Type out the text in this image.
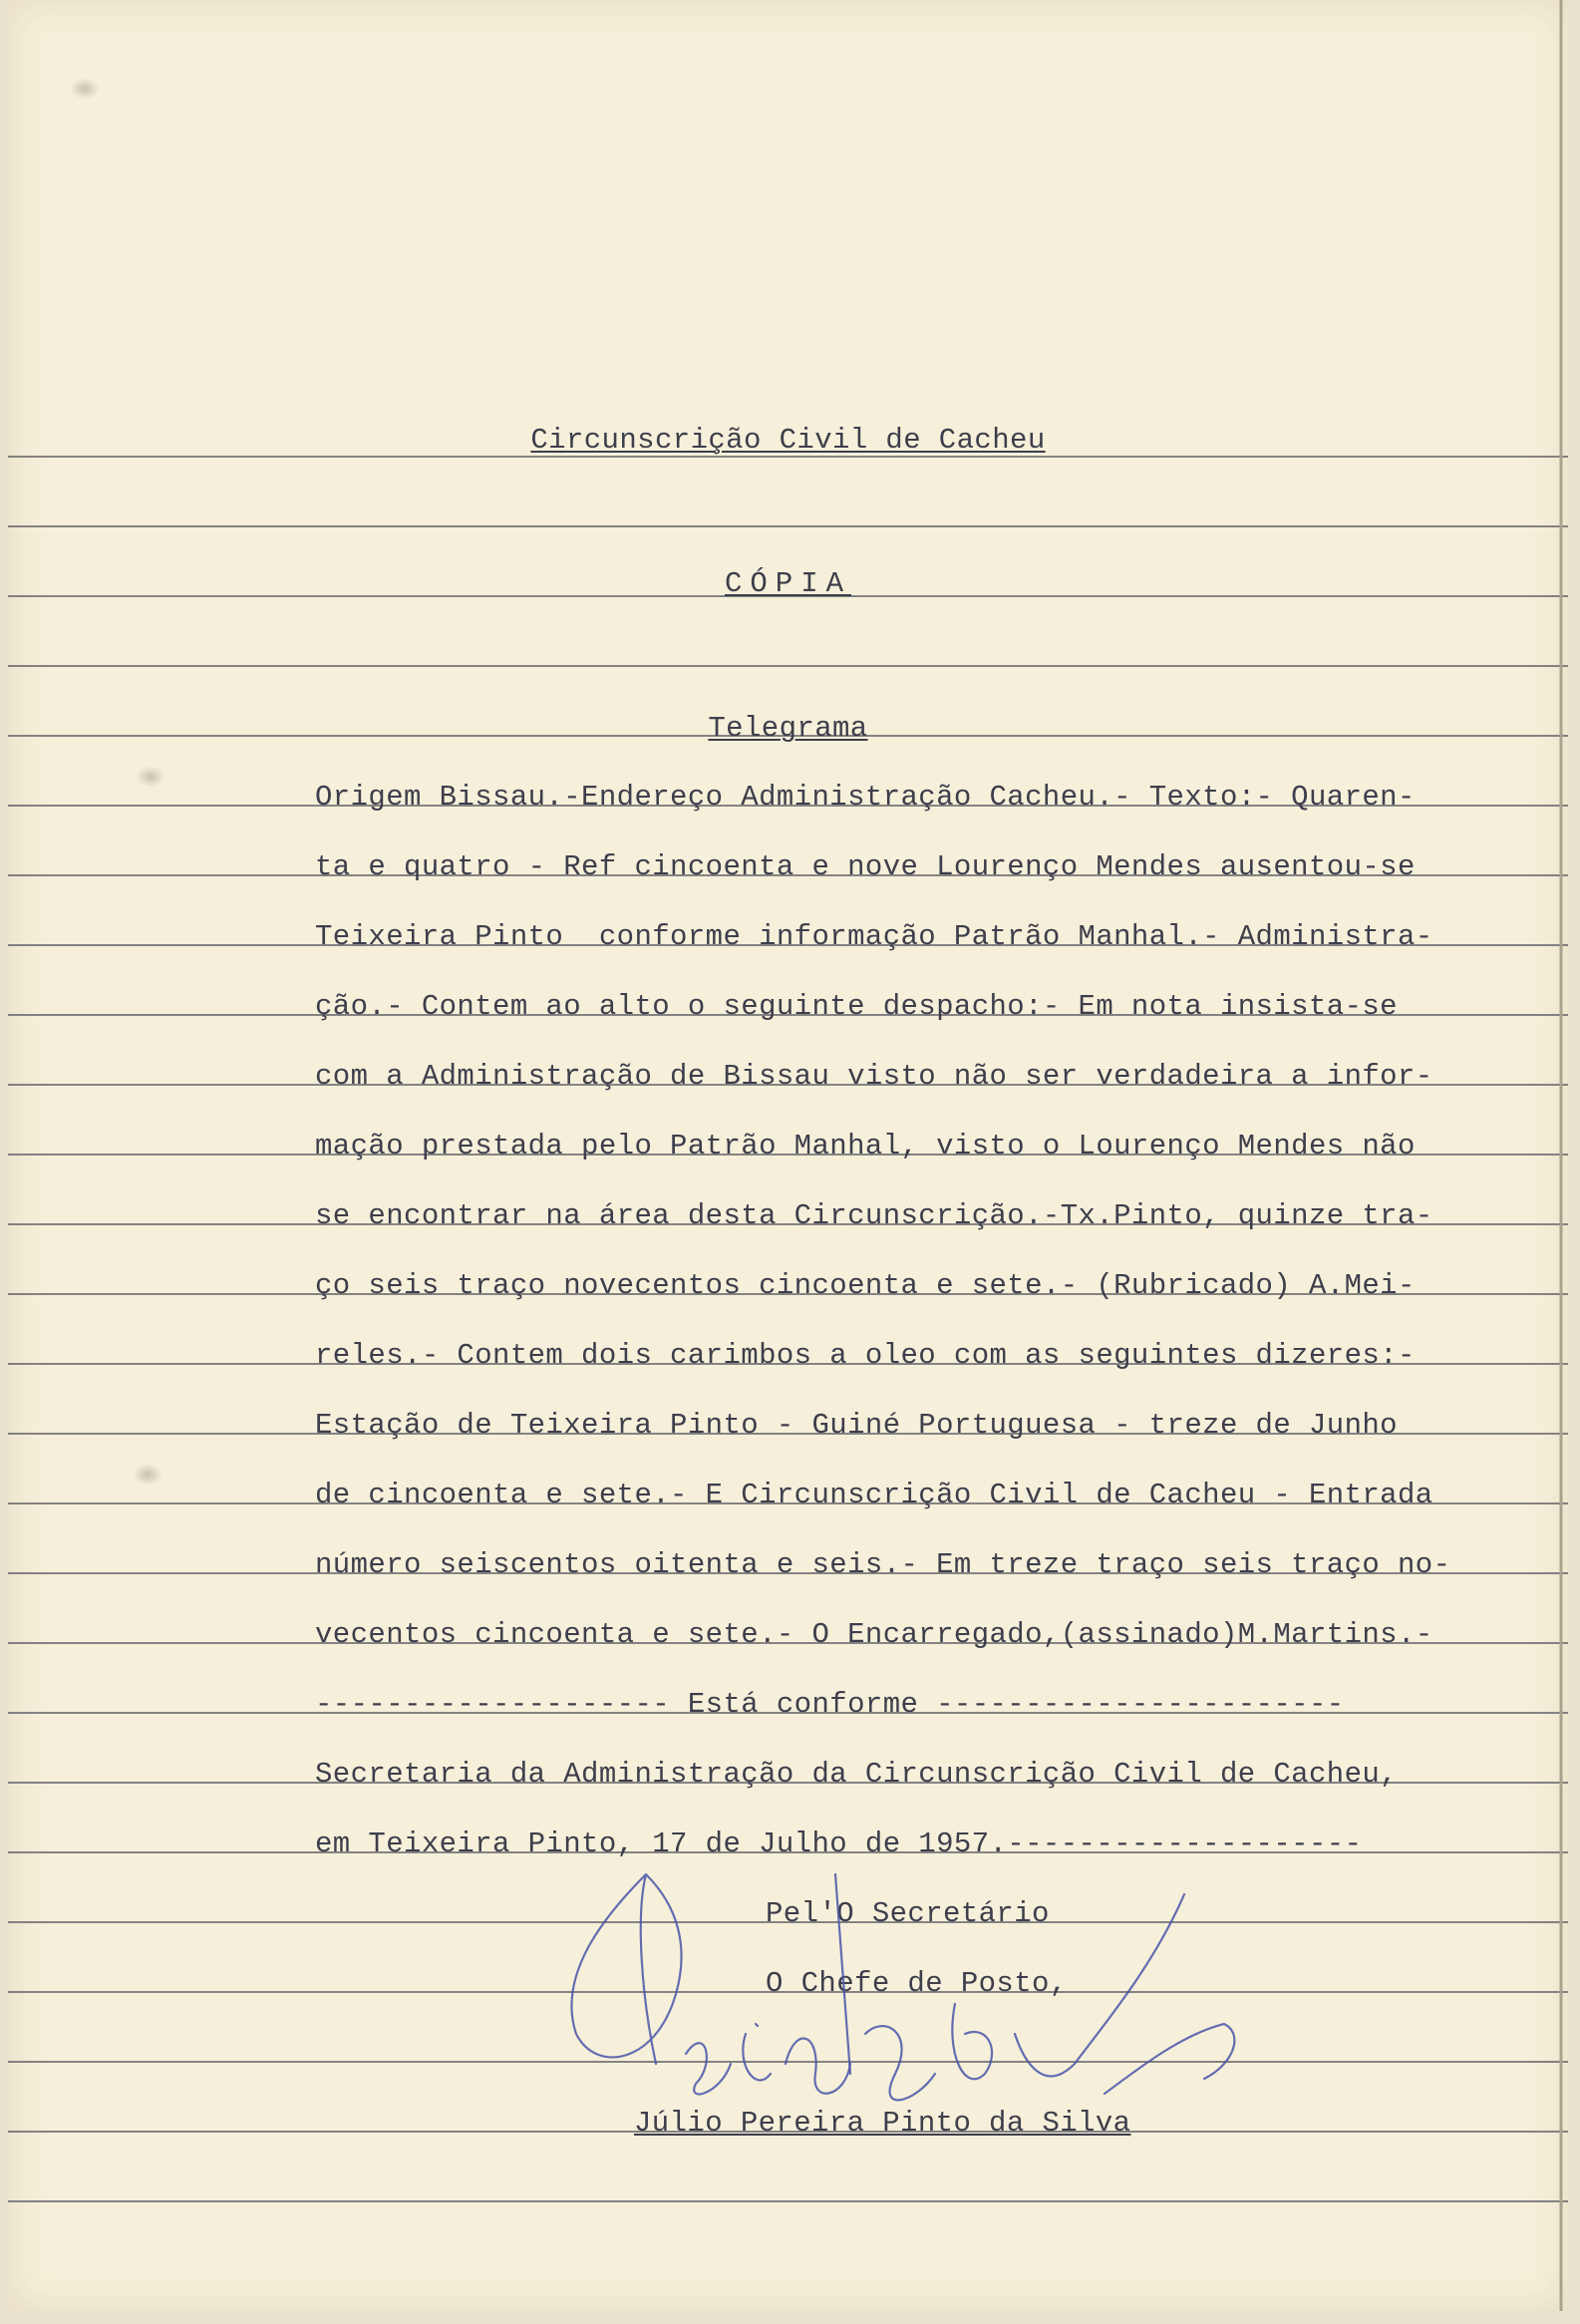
Circunscrição Civil de Cacheu

CÓPIA

Telegrama

Origem Bissau.-Endereço Administração Cacheu.- Texto:- Quaren-

ta e quatro - Ref cincoenta e nove Lourenço Mendes ausentou-se

Teixeira Pinto  conforme informação Patrão Manhal.- Administra-

ção.- Contem ao alto o seguinte despacho:- Em nota insista-se

com a Administração de Bissau visto não ser verdadeira a infor-

mação prestada pelo Patrão Manhal, visto o Lourenço Mendes não

se encontrar na área desta Circunscrição.-Tx.Pinto, quinze tra-

ço seis traço novecentos cincoenta e sete.- (Rubricado) A.Mei-

reles.- Contem dois carimbos a oleo com as seguintes dizeres:-

Estação de Teixeira Pinto - Guiné Portuguesa - treze de Junho

de cincoenta e sete.- E Circunscrição Civil de Cacheu - Entrada

número seiscentos oitenta e seis.- Em treze traço seis traço no-

vecentos cincoenta e sete.- O Encarregado,(assinado)M.Martins.-

-------------------- Está conforme -----------------------

Secretaria da Administração da Circunscrição Civil de Cacheu,

em Teixeira Pinto, 17 de Julho de 1957.--------------------

Pel'O Secretário

O Chefe de Posto,

Júlio Pereira Pinto da Silva
